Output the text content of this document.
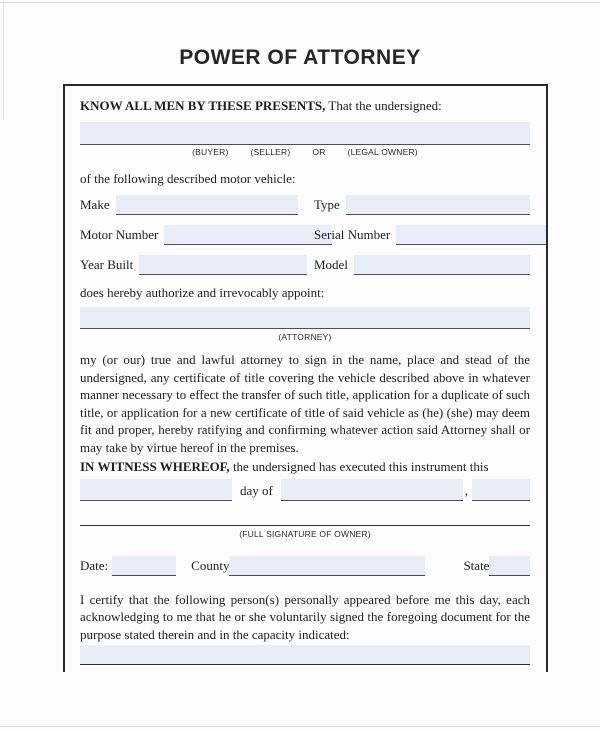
POWER OF ATTORNEY

KNOW ALL MEN BY THESE PRESENTS, That the undersigned:

(BUYER)	(SELLER)	OR	(LEGAL OWNER)

of the following described motor vehicle:

Make	Type
Motor Number	Serial Number
Year Built	Model

does hereby authorize and irrevocably appoint:

(ATTORNEY)

my (or our) true and lawful attorney to sign in the name, place and stead of the undersigned, any certificate of title covering the vehicle described above in whatever manner necessary to effect the transfer of such title, application for a duplicate of such title, or application for a new certificate of title of said vehicle as (he) (she) may deem fit and proper, hereby ratifying and confirming whatever action said Attorney shall or may take by virtue hereof in the premises.

IN WITNESS WHEREOF, the undersigned has executed this instrument this

day of	,
(FULL SIGNATURE OF OWNER)
Date:	County	State

I certify that the following person(s) personally appeared before me this day, each acknowledging to me that he or she voluntarily signed the foregoing document for the purpose stated therein and in the capacity indicated:
